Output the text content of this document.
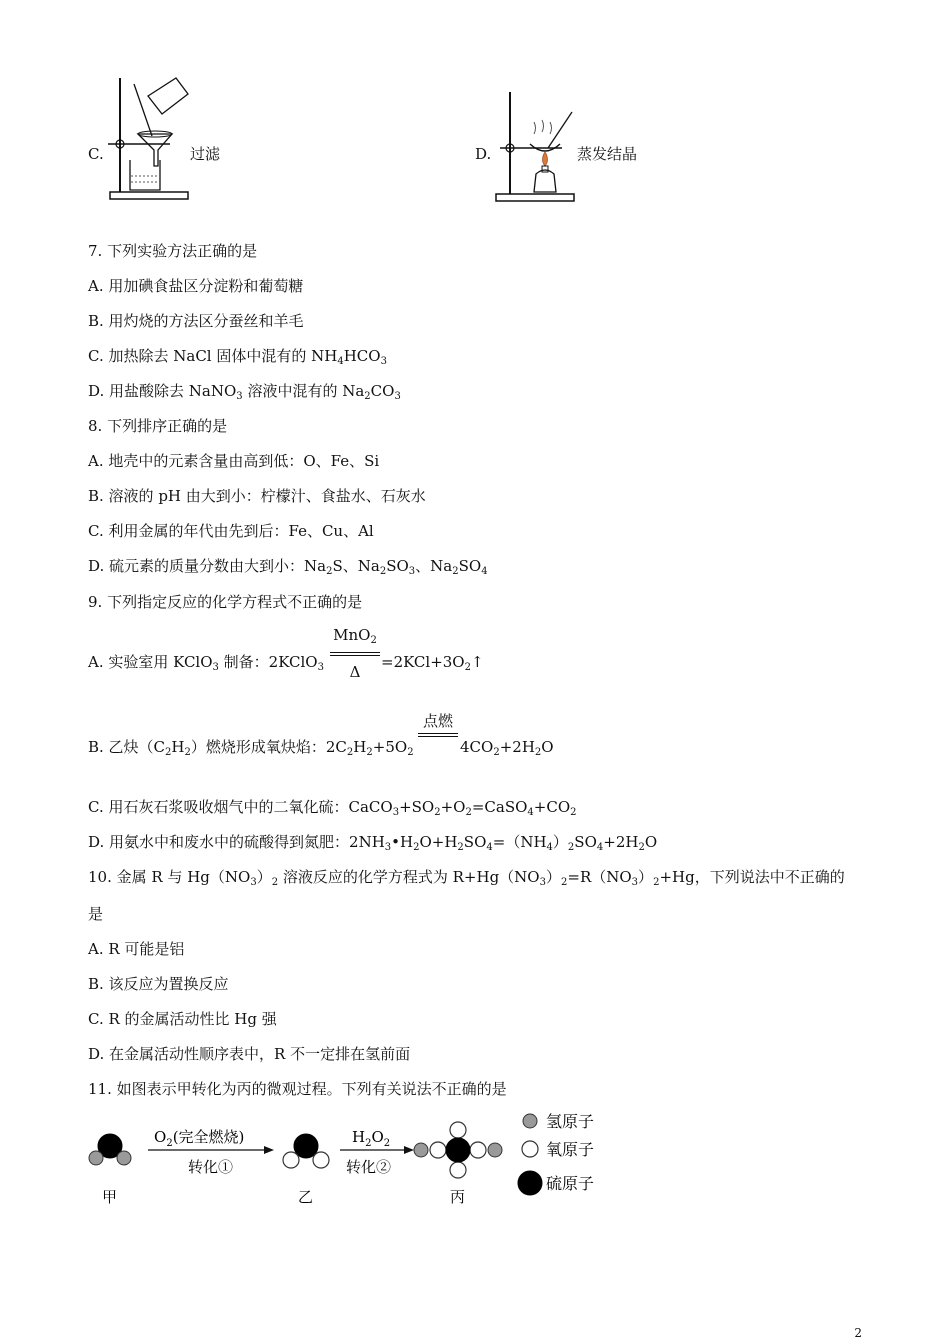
C.	过滤	D.	蒸发结晶
7. 下列实验方法正确的是
A. 用加碘食盐区分淀粉和葡萄糖
B. 用灼烧的方法区分蚕丝和羊毛
C. 加热除去 NaCl 固体中混有的 $NH_4HCO_3$
D. 用盐酸除去 NaNO$_3$ 溶液中混有的 $Na_2CO_3$
8. 下列排序正确的是
A. 地壳中的元素含量由高到低：O、Fe、Si
B. 溶液的 pH 由大到小：柠檬汁、食盐水、石灰水
C. 利用金属的年代由先到后：Fe、Cu、Al
D. 硫元素的质量分数由大到小：$Na_2S$、$Na_2SO_3$、$Na_2SO_4$
9. 下列指定反应的化学方程式不正确的是
A. 实验室用 KClO$_3$ 制备：2KClO$_3$
MnO$_2$
Δ
$=2KCl+3O_2↑$
B. 乙炔$(C_2H_2)$燃烧形成氧炔焰：$2C_2H_2+5O_2$
点燃
$4CO_2+2H_2O$
C. 用石灰石浆吸收烟气中的二氧化硫：$CaCO_3+SO_2+O_2=CaSO_4+CO_2$
D. 用氨水中和废水中的硫酸得到氮肥：$2NH_3•H_2O+H_2SO_4=(NH_4)_2SO_4+2H_2O$
10. 金属 R 与 $Hg(NO_3)_2$ 溶液反应的化学方程式为 $R+Hg(NO_3)_2=R(NO_3)_2+Hg$，下列说法中不正确的
是
A. R 可能是铝
B. 该反应为置换反应
C. R 的金属活动性比 Hg 强
D. 在金属活动性顺序表中，R 不一定排在氢前面
11. 如图表示甲转化为丙的微观过程。下列有关说法不正确的是
甲
$O_2$(完全燃烧)
转化①
乙
$H_2O_2$
转化②
丙
氢原子
氧原子
硫原子
2
